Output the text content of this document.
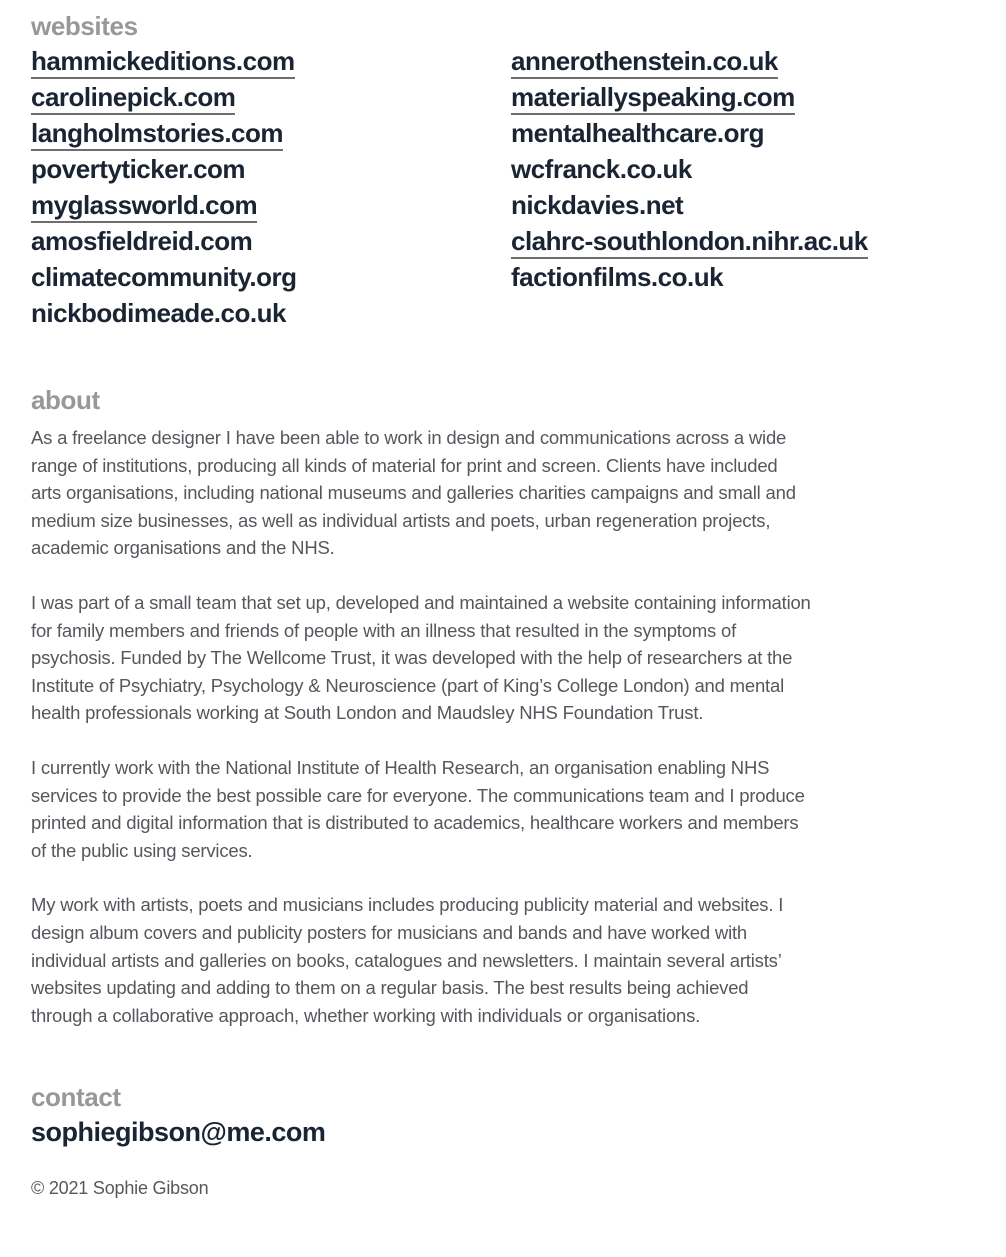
websites
hammickeditions.com
carolinepick.com
langholmstories.com
povertyticker.com
myglassworld.com
amosfieldreid.com
climatecommunity.org
nickbodimeade.co.uk
annerothenstein.co.uk
materiallyspeaking.com
mentalhealthcare.org
wcfranck.co.uk
nickdavies.net
clahrc-southlondon.nihr.ac.uk
factionfilms.co.uk
about

As a freelance designer I have been able to work in design and communications across a wide range of institutions, producing all kinds of material for print and screen. Clients have included arts organisations, including national museums and galleries charities campaigns and small and medium size businesses, as well as individual artists and poets, urban regeneration projects, academic organisations and the NHS.

I was part of a small team that set up, developed and maintained a website containing information for family members and friends of people with an illness that resulted in the symptoms of psychosis. Funded by The Wellcome Trust, it was developed with the help of researchers at the Institute of Psychiatry, Psychology & Neuroscience (part of King’s College London) and mental health professionals working at South London and Maudsley NHS Foundation Trust.

I currently work with the National Institute of Health Research, an organisation enabling NHS services to provide the best possible care for everyone. The communications team and I produce printed and digital information that is distributed to academics, healthcare workers and members of the public using services.

My work with artists, poets and musicians includes producing publicity material and websites. I design album covers and publicity posters for musicians and bands and have worked with individual artists and galleries on books, catalogues and newsletters. I maintain several artists’ websites updating and adding to them on a regular basis. The best results being achieved through a collaborative approach, whether working with individuals or organisations.

contact
sophiegibson@me.com

© 2021 Sophie Gibson
